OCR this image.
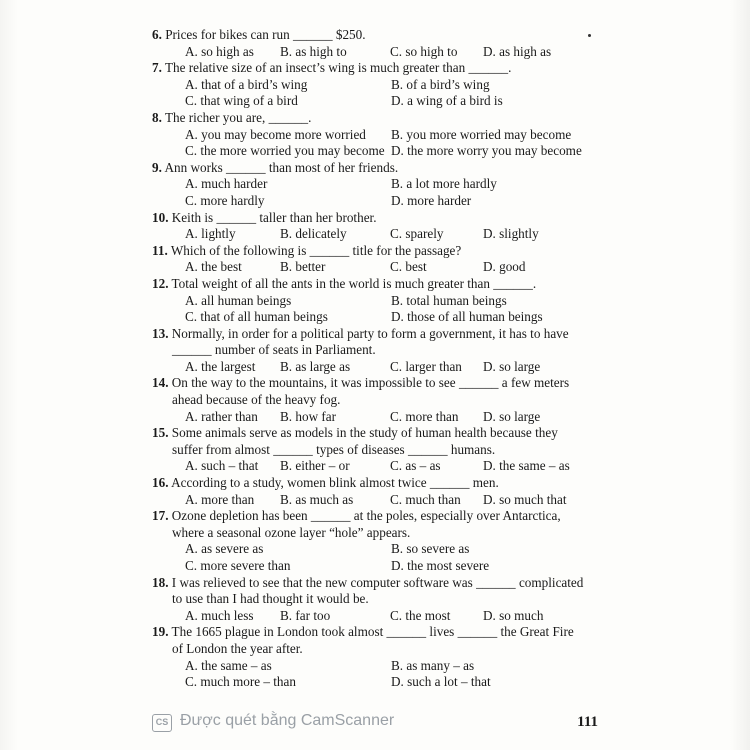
6. Prices for bikes can run ______ $250.
A. so high as	B. as high to	C. so high to	D. as high as
7. The relative size of an insect’s wing is much greater than ______.
A. that of a bird’s wing	B. of a bird’s wing
C. that wing of a bird	D. a wing of a bird is
8. The richer you are, ______.
A. you may become more worried	B. you more worried may become
C. the more worried you may become D. the more worry you may become
9. Ann works ______ than most of her friends.
A. much harder	B. a lot more hardly
C. more hardly	D. more harder
10. Keith is ______ taller than her brother.
A. lightly	B. delicately	C. sparely	D. slightly
11. Which of the following is ______ title for the passage?
A. the best	B. better	C. best	D. good
12. Total weight of all the ants in the world is much greater than ______.
A. all human beings	B. total human beings
C. that of all human beings	D. those of all human beings
13. Normally, in order for a political party to form a government, it has to have
______ number of seats in Parliament.
A. the largest	B. as large as	C. larger than	D. so large
14. On the way to the mountains, it was impossible to see ______ a few meters
ahead because of the heavy fog.
A. rather than	B. how far	C. more than	D. so large
15. Some animals serve as models in the study of human health because they
suffer from almost ______ types of diseases ______ humans.
A. such – that	B. either – or	C. as – as	D. the same – as
16. According to a study, women blink almost twice ______ men.
A. more than	B. as much as	C. much than	D. so much that
17. Ozone depletion has been ______ at the poles, especially over Antarctica,
where a seasonal ozone layer “hole” appears.
A. as severe as	B. so severe as
C. more severe than	D. the most severe
18. I was relieved to see that the new computer software was ______ complicated
to use than I had thought it would be.
A. much less	B. far too	C. the most	D. so much
19. The 1665 plague in London took almost ______ lives ______ the Great Fire
of London the year after.
A. the same – as	B. as many – as
C. much more – than	D. such a lot – that
CS Được quét bằng CamScanner	111
